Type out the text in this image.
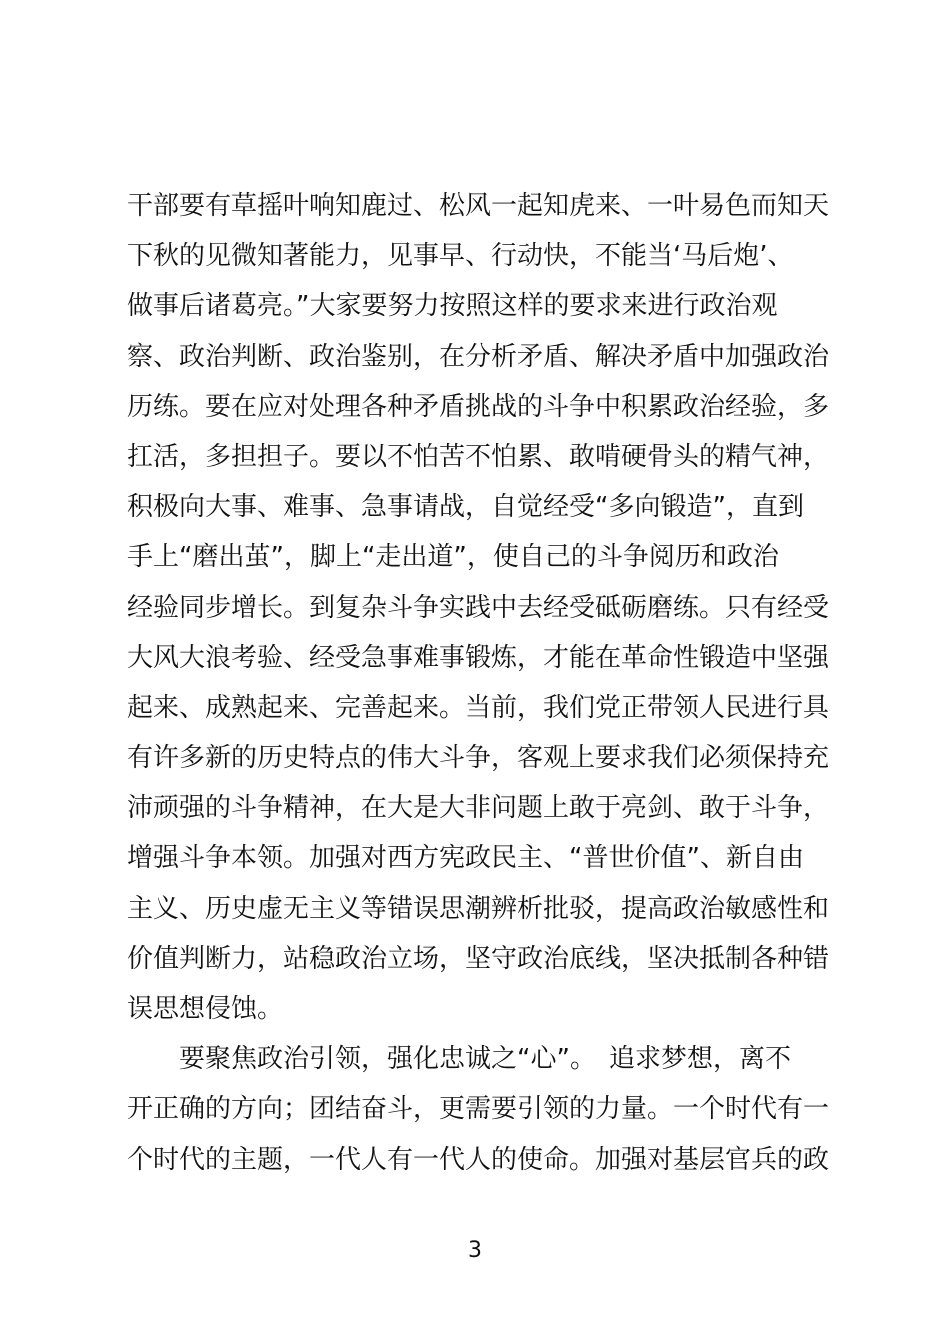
干部要有草摇叶响知鹿过、松风一起知虎来、一叶易色而知天
下秋的见微知著能力，见事早、行动快，不能当‘马后炮’、
做事后诸葛亮。”大家要努力按照这样的要求来进行政治观
察、政治判断、政治鉴别，在分析矛盾、解决矛盾中加强政治
历练。要在应对处理各种矛盾挑战的斗争中积累政治经验，多
扛活，多担担子。要以不怕苦不怕累、敢啃硬骨头的精气神，
积极向大事、难事、急事请战，自觉经受“多向锻造”，直到
手上“磨出茧”，脚上“走出道”，使自己的斗争阅历和政治
经验同步增长。到复杂斗争实践中去经受砥砺磨练。只有经受
大风大浪考验、经受急事难事锻炼，才能在革命性锻造中坚强
起来、成熟起来、完善起来。当前，我们党正带领人民进行具
有许多新的历史特点的伟大斗争，客观上要求我们必须保持充
沛顽强的斗争精神，在大是大非问题上敢于亮剑、敢于斗争，
增强斗争本领。加强对西方宪政民主、“普世价值”、新自由
主义、历史虚无主义等错误思潮辨析批驳，提高政治敏感性和
价值判断力，站稳政治立场，坚守政治底线，坚决抵制各种错
误思想侵蚀。
　　要聚焦政治引领，强化忠诚之“心”。　追求梦想，离不
开正确的方向；团结奋斗，更需要引领的力量。一个时代有一
个时代的主题，一代人有一代人的使命。加强对基层官兵的政
3
